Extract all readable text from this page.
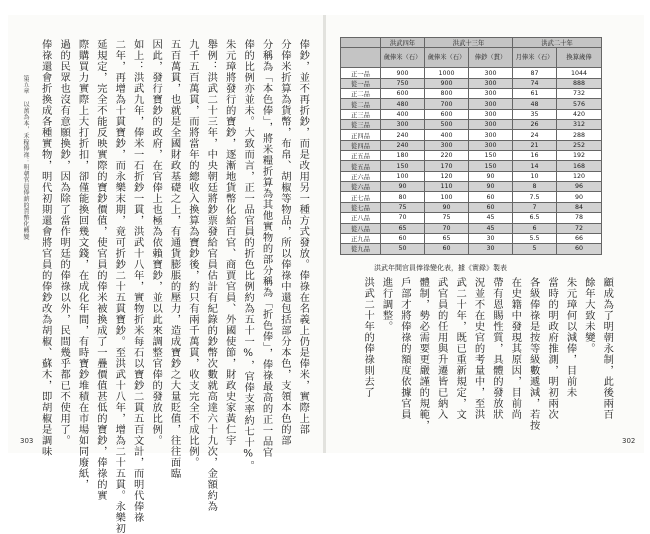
第五章 以萬為本，禾稼俸祿：明朝官員俸薪的貨幣化轉變
303
俸鈔，並不再折鈔，而是改用另一種方式發放。俸祿在名義上仍是俸米，實際上部
分俸米折算為貨幣，布帛、胡椒等物品，所以俸祿中還包括部分本色，支領本色的部
分稱為「本色俸」，將米糧折算為其他實物的部分稱為「折色俸」，俸祿最高的正一品官
俸的比例亦並未。大致而言，正一品官員的折色比例約為五十一%，官俸支率約七十%。
朱元璋將發行的寶鈔，逐漸地貨幣化給百官、商賈官員、外國使節，財政史家黃仁宇
舉例：洪武二十三年，中央朝廷將鈔票發給官員估計有紀錄的鈔幣次數就高達六十九次，金額約為
九千五百萬貫，而將當年的總收入換算為寶鈔後，約只有兩千萬貫，收支完全不成比例。
五百萬貫，也就是全國財政基礎之上，有通貨膨脹的壓力，造成寶鈔之大量貶值，往往面臨
因此，發行寶鈔的政府，在官俸上也極為依賴寶鈔，並以此來調整官俸的發放比例。
如上：洪武九年，俸米一石折鈔一貫，洪武十八年，實物折米每石以寶鈔二貫五百文計，而明代俸祿
二年，再增為十貫寶鈔，而永樂末期，竟可折鈔二十五貫寶鈔。至洪武十八年，增為二十五貫。永樂初
延規定，完全不能反映實際的寶鈔價值，使官員的俸米被換成了一疊價值甚低的寶鈔，俸祿的實
際購買力實際上大打折扣，卻僅能換回幾文錢，在成化年間，有時寶鈔堆積在市場如同廢紙，
過的民眾也沒有意願換鈔，因為除了當作明廷的俸祿以外，民間幾乎都已不使用了。
俸祿還會折換成各種實物，明代初期還會將官員的俸鈔改為胡椒、蘇木，即胡椒是調味
		洪武四年	洪武十三年		洪武二十年	
	歲俸米（石）	歲俸米（石）	俸鈔（貫）	月俸米（石）	換算歲俸
正一品	900	1000	300	87	1044
從一品	750	900	300	74	888
正二品	600	800	300	61	732
從二品	480	700	300	48	576
正三品	400	600	300	35	420
從三品	300	500	300	26	312
正四品	240	400	300	24	288
從四品	240	300	300	21	252
正五品	180	220	150	16	192
從五品	150	170	150	14	168
正六品	100	120	90	10	120
從六品	90	110	90	8	96
正七品	80	100	60	7.5	90
從七品	75	90	60	7	84
正八品	70	75	45	6.5	78
從八品	65	70	45	6	72
正九品	60	65	30	5.5	66
從九品	50	60	30	5	60
洪武年間官員俸祿變化表，據《實錄》製表
302
顧成為了明朝永制，此後兩百
餘年大致未變。
朱元璋何以減俸，目前未
當時的明政府推測，明初兩次
各級俸祿是按等級數遞減，若按
在史籍中發現其原因，目前尚
帶有恩賜性質，具體的發放狀
況並不在史官的考量中，至洪
武二十年，既已重新規定，文
武官員的任用與升遷皆已納入
體制，勢必需要更嚴謹的規範，
戶部才將俸祿的額度依據官員
進行調整。
洪武二十年的俸祿則去了
